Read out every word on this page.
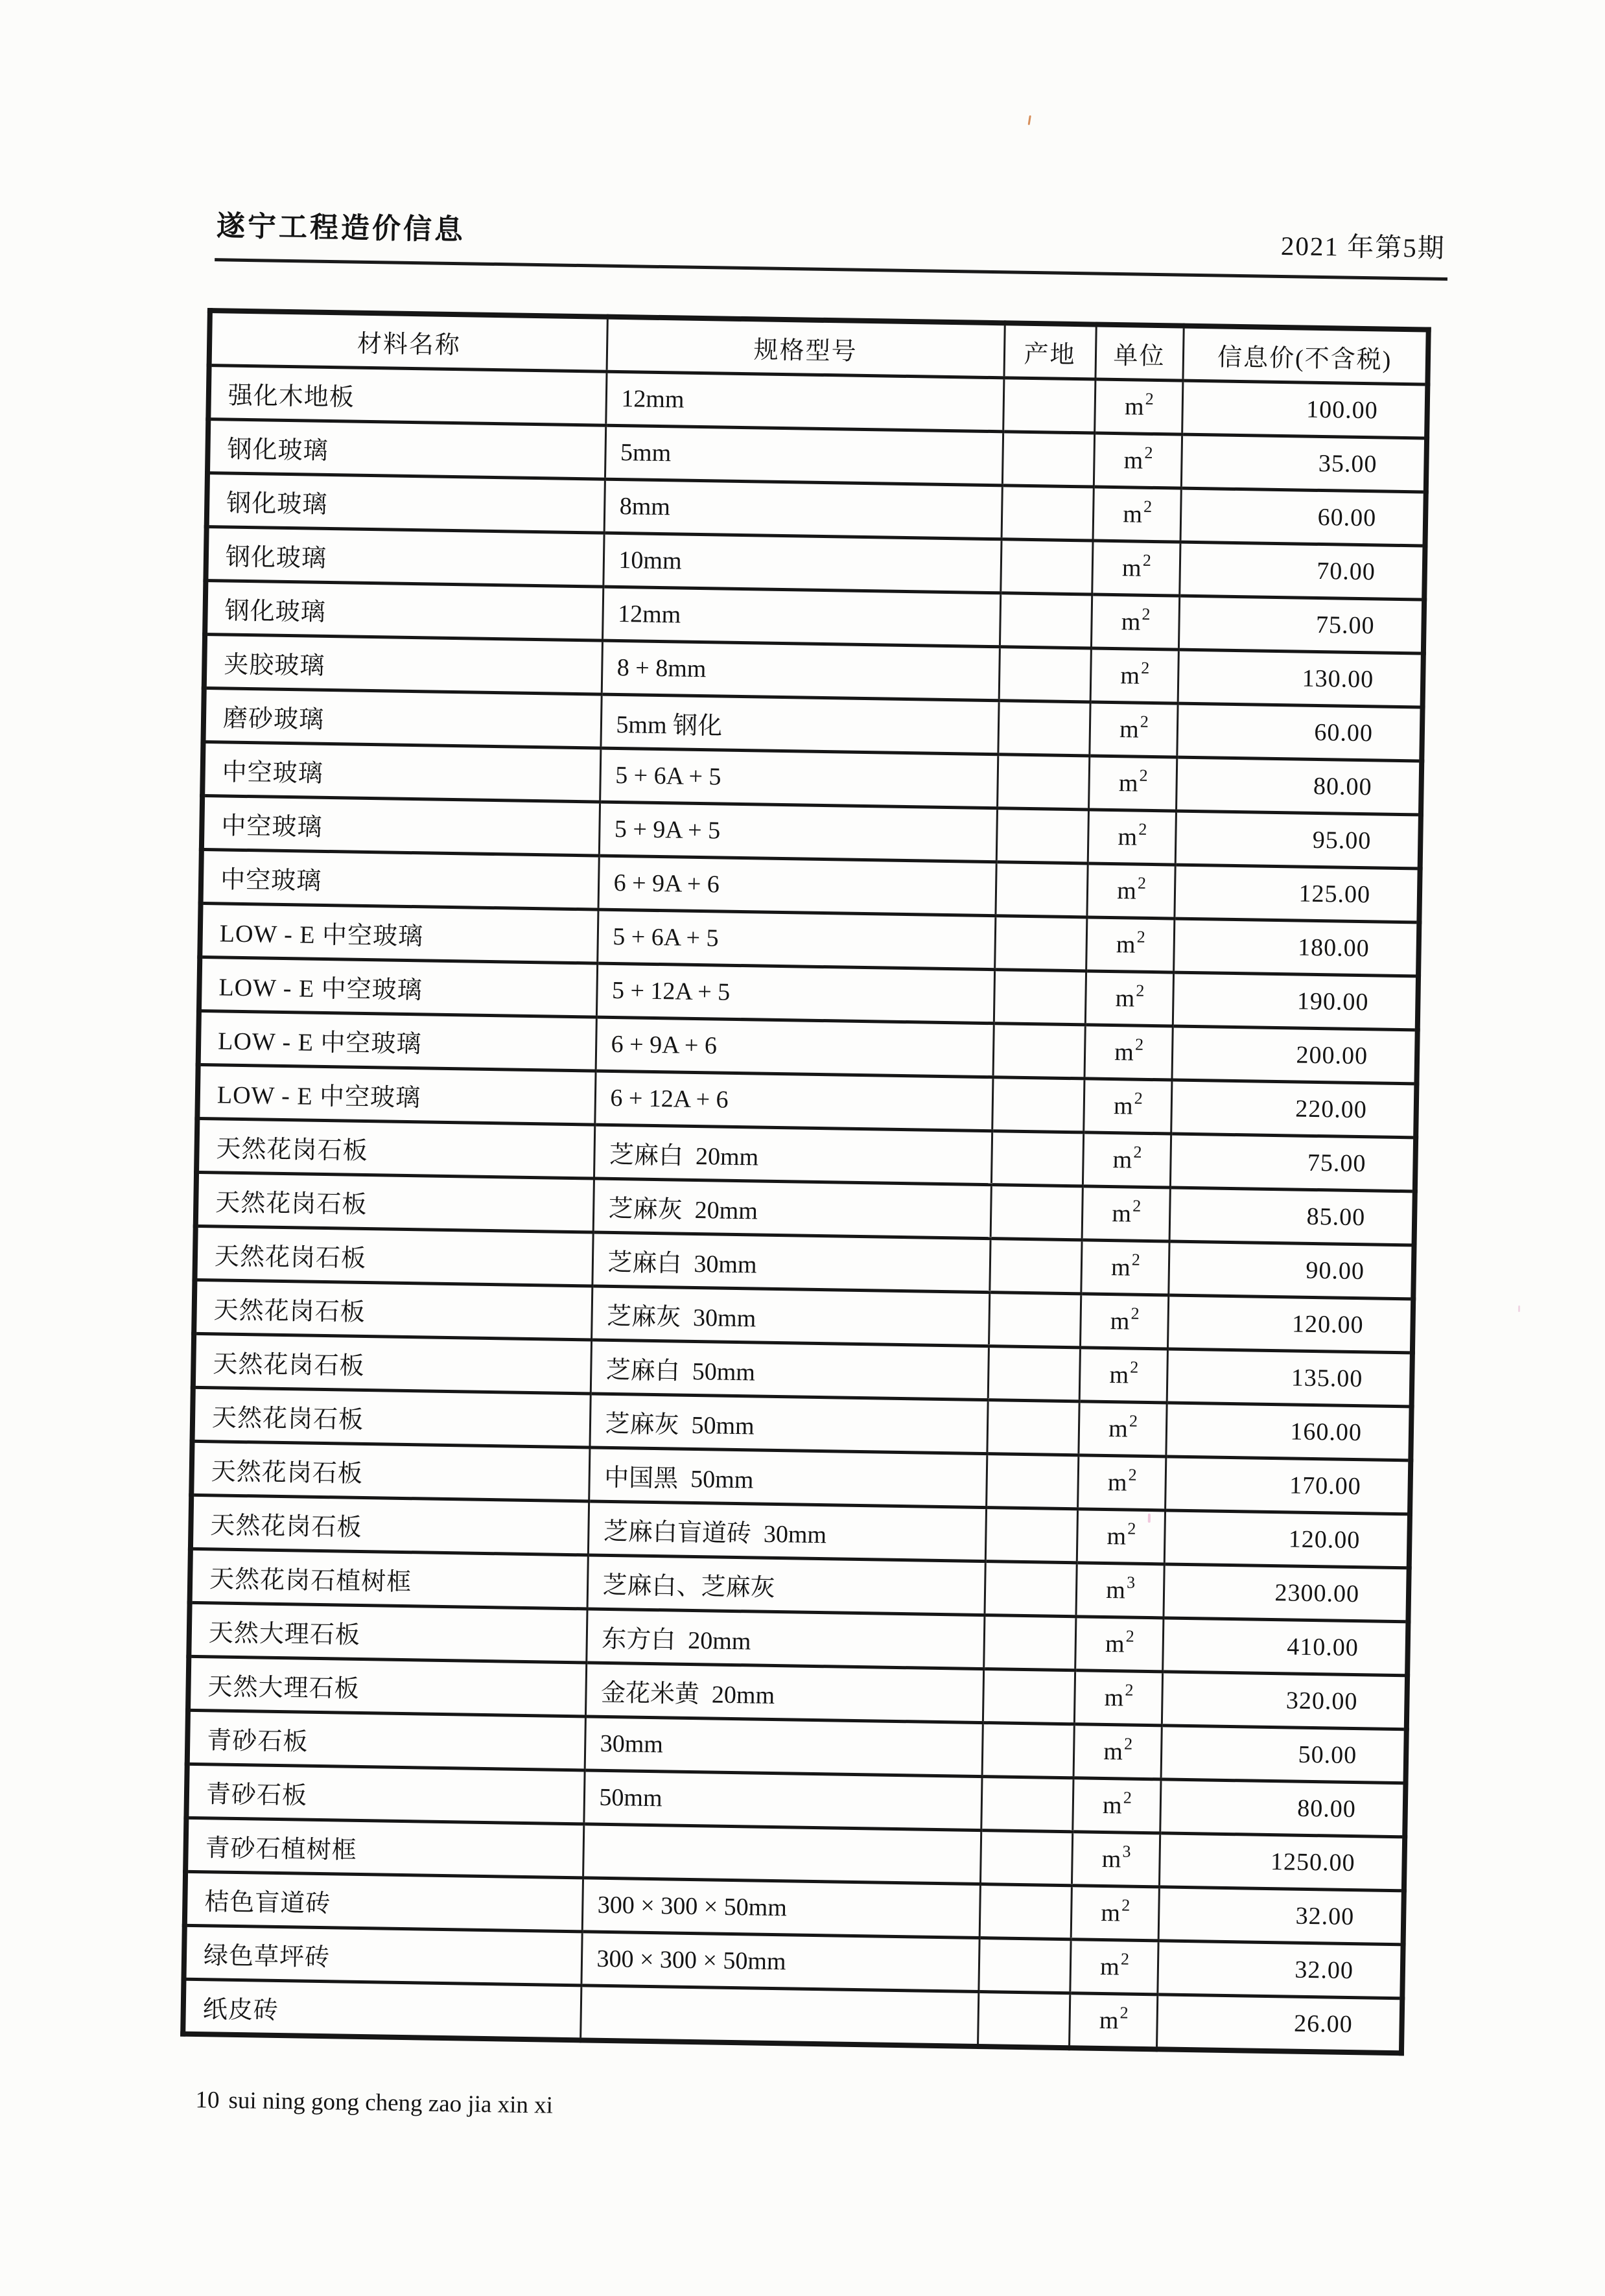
遂宁工程造价信息
2021 年第5期
材料名称	规格型号	产地	单位	信息价(不含税)
强化木地板	12mm		$m^2$	100.00
钢化玻璃	5mm		$m^2$	35.00
钢化玻璃	8mm		$m^2$	60.00
钢化玻璃	10mm		$m^2$	70.00
钢化玻璃	12mm		$m^2$	75.00
夹胶玻璃	8 + 8mm		$m^2$	130.00
磨砂玻璃	5mm 钢化		$m^2$	60.00
中空玻璃	5 + 6A + 5		$m^2$	80.00
中空玻璃	5 + 9A + 5		$m^2$	95.00
中空玻璃	6 + 9A + 6		$m^2$	125.00
LOW - E 中空玻璃	5 + 6A + 5		$m^2$	180.00
LOW - E 中空玻璃	5 + 12A + 5		$m^2$	190.00
LOW - E 中空玻璃	6 + 9A + 6		$m^2$	200.00
LOW - E 中空玻璃	6 + 12A + 6		$m^2$	220.00
天然花岗石板	芝麻白  20mm		$m^2$	75.00
天然花岗石板	芝麻灰  20mm		$m^2$	85.00
天然花岗石板	芝麻白  30mm		$m^2$	90.00
天然花岗石板	芝麻灰  30mm		$m^2$	120.00
天然花岗石板	芝麻白  50mm		$m^2$	135.00
天然花岗石板	芝麻灰  50mm		$m^2$	160.00
天然花岗石板	中国黑  50mm		$m^2$	170.00
天然花岗石板	芝麻白盲道砖  30mm		$m^2$	120.00
天然花岗石植树框	芝麻白、芝麻灰		$m^3$	2300.00
天然大理石板	东方白  20mm		$m^2$	410.00
天然大理石板	金花米黄  20mm		$m^2$	320.00
青砂石板	30mm		$m^2$	50.00
青砂石板	50mm		$m^2$	80.00
青砂石植树框			$m^3$	1250.00
桔色盲道砖	300 × 300 × 50mm		$m^2$	32.00
绿色草坪砖	300 × 300 × 50mm		$m^2$	32.00
纸皮砖			$m^2$	26.00
10 sui ning gong cheng zao jia xin xi
